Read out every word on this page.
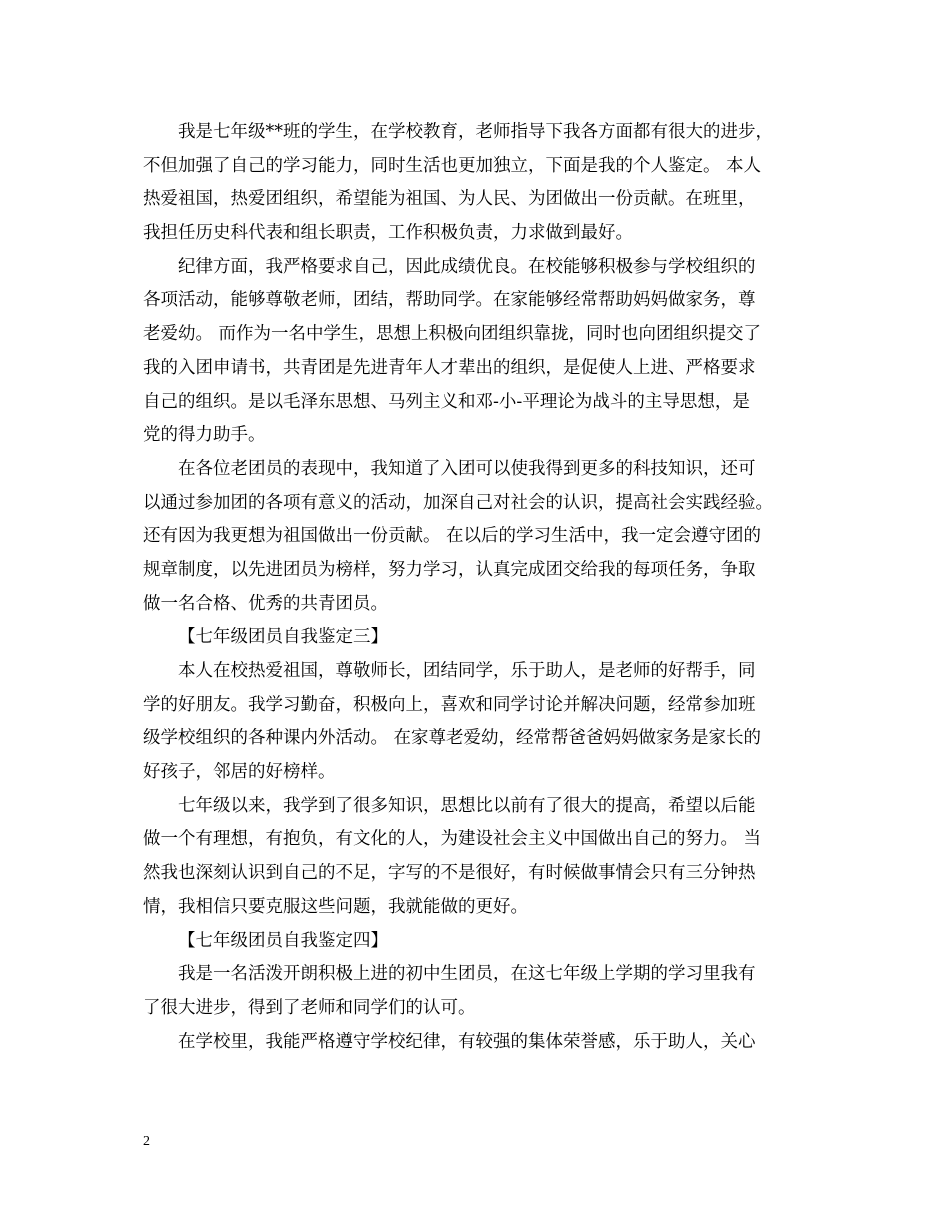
我是七年级**班的学生，在学校教育，老师指导下我各方面都有很大的进步，
不但加强了自己的学习能力，同时生活也更加独立，下面是我的个人鉴定。 本人
热爱祖国，热爱团组织，希望能为祖国、为人民、为团做出一份贡献。在班里，
我担任历史科代表和组长职责，工作积极负责，力求做到最好。
纪律方面，我严格要求自己，因此成绩优良。在校能够积极参与学校组织的
各项活动，能够尊敬老师，团结，帮助同学。在家能够经常帮助妈妈做家务，尊
老爱幼。 而作为一名中学生，思想上积极向团组织靠拢，同时也向团组织提交了
我的入团申请书，共青团是先进青年人才辈出的组织，是促使人上进、严格要求
自己的组织。是以毛泽东思想、马列主义和邓-小-平理论为战斗的主导思想，是
党的得力助手。
在各位老团员的表现中，我知道了入团可以使我得到更多的科技知识，还可
以通过参加团的各项有意义的活动，加深自己对社会的认识，提高社会实践经验。
还有因为我更想为祖国做出一份贡献。 在以后的学习生活中，我一定会遵守团的
规章制度，以先进团员为榜样，努力学习，认真完成团交给我的每项任务，争取
做一名合格、优秀的共青团员。
【七年级团员自我鉴定三】
本人在校热爱祖国，尊敬师长，团结同学，乐于助人，是老师的好帮手，同
学的好朋友。我学习勤奋，积极向上，喜欢和同学讨论并解决问题，经常参加班
级学校组织的各种课内外活动。 在家尊老爱幼，经常帮爸爸妈妈做家务是家长的
好孩子，邻居的好榜样。
七年级以来，我学到了很多知识，思想比以前有了很大的提高，希望以后能
做一个有理想，有抱负，有文化的人，为建设社会主义中国做出自己的努力。 当
然我也深刻认识到自己的不足，字写的不是很好，有时候做事情会只有三分钟热
情，我相信只要克服这些问题，我就能做的更好。
【七年级团员自我鉴定四】
我是一名活泼开朗积极上进的初中生团员，在这七年级上学期的学习里我有
了很大进步，得到了老师和同学们的认可。
在学校里，我能严格遵守学校纪律，有较强的集体荣誉感，乐于助人，关心
2
